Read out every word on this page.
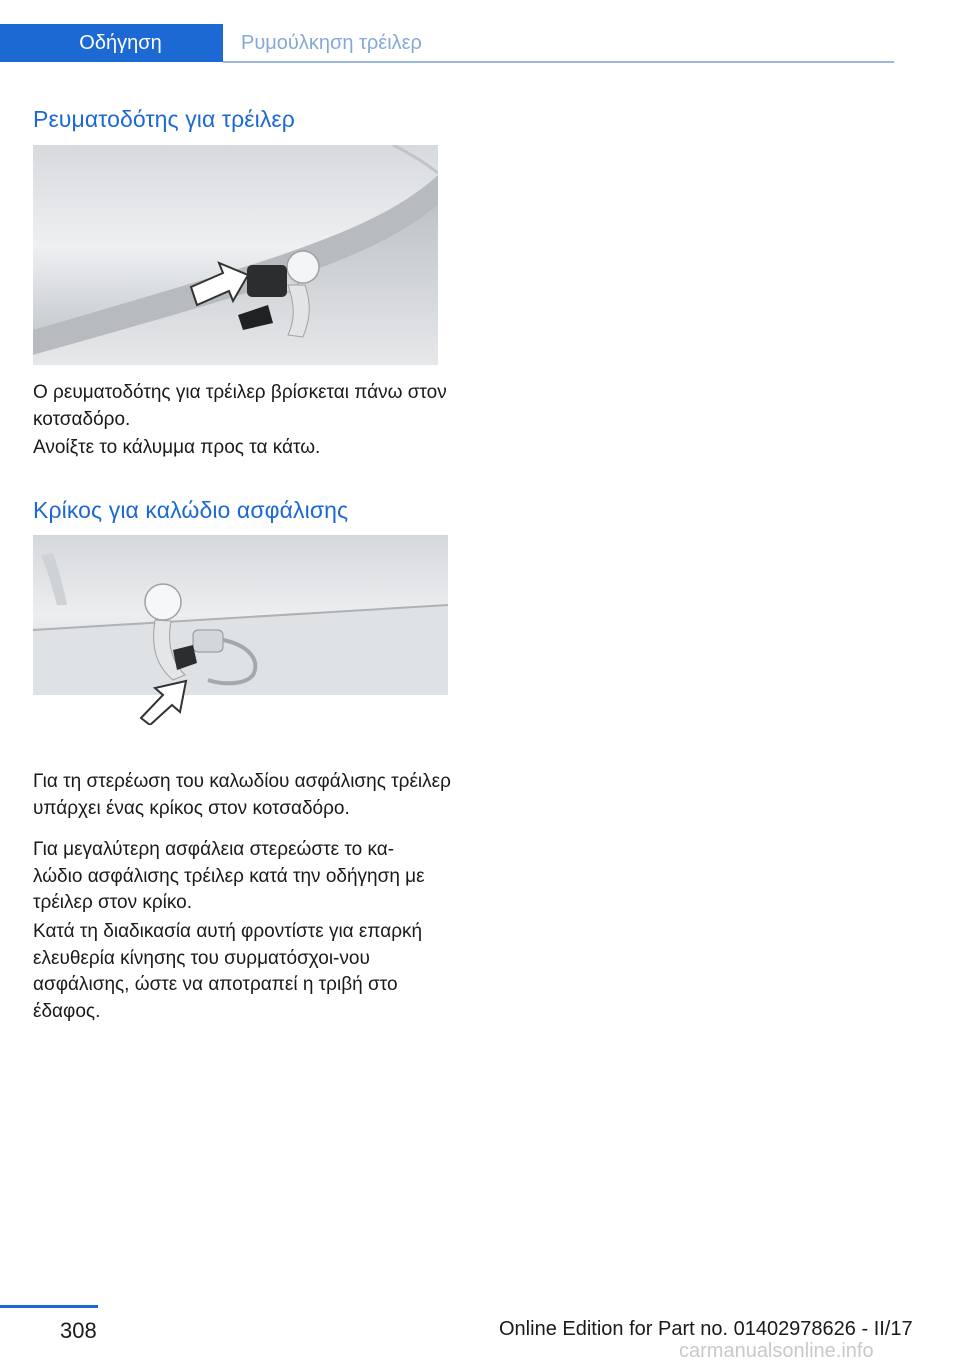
Οδήγηση	Ρυμούλκηση τρέιλερ
Ρευματοδότης για τρέιλερ

Ο ρευματοδότης για τρέιλερ βρίσκεται πάνω στον κοτσαδόρο.

Ανοίξτε το κάλυμμα προς τα κάτω.

Κρίκος για καλώδιο ασφάλισης

Για τη στερέωση του καλωδίου ασφάλισης τρέιλερ υπάρχει ένας κρίκος στον κοτσαδόρο.

Για μεγαλύτερη ασφάλεια στερεώστε το κα-λώδιο ασφάλισης τρέιλερ κατά την οδήγηση με τρέιλερ στον κρίκο.

Κατά τη διαδικασία αυτή φροντίστε για επαρκή ελευθερία κίνησης του συρματόσχοι-νου ασφάλισης, ώστε να αποτραπεί η τριβή στο έδαφος.

308	Online Edition for Part no. 01402978626 - II/17
carmanualsonline.info
